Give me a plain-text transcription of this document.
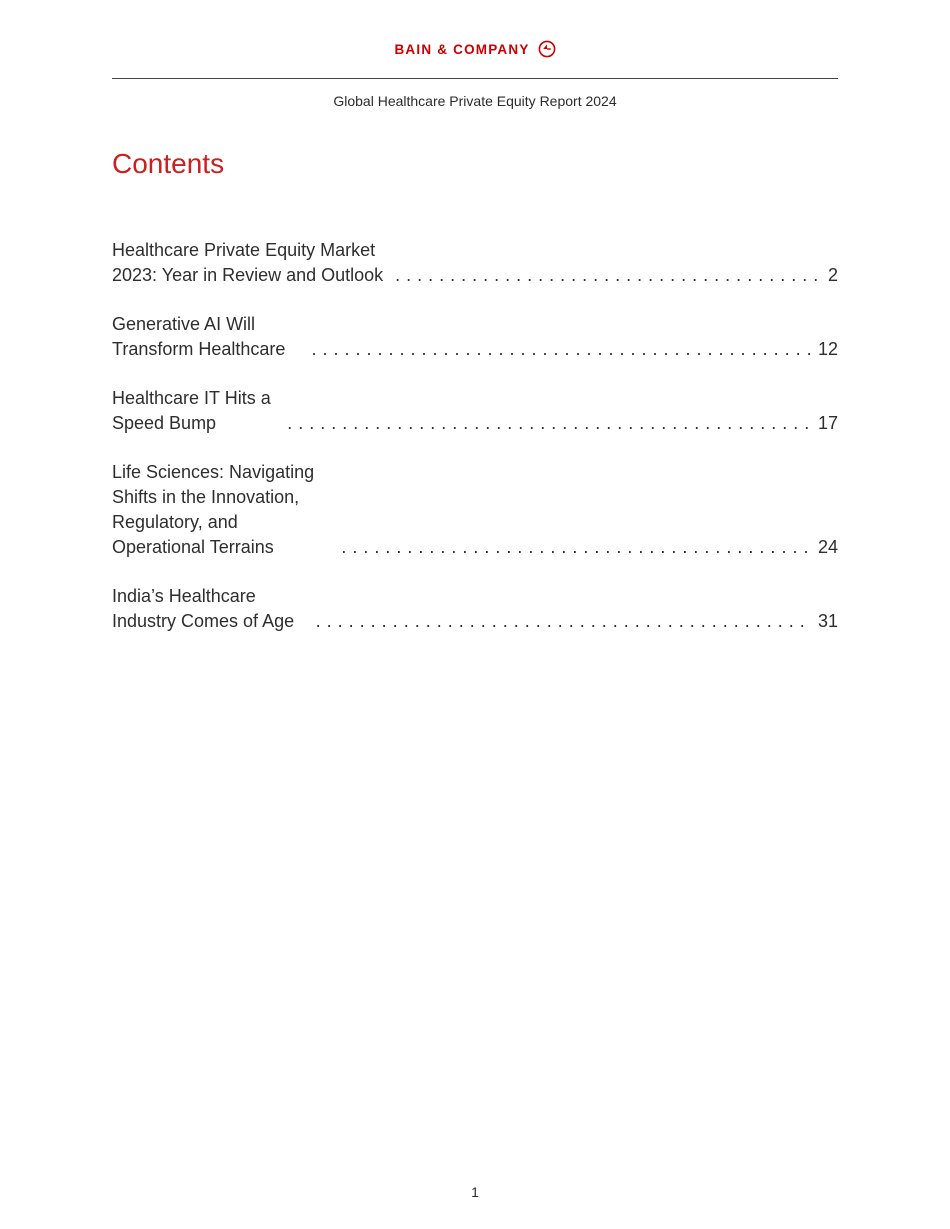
BAIN & COMPANY
Global Healthcare Private Equity Report 2024
Contents
Healthcare Private Equity Market 2023: Year in Review and Outlook . . .	2
Generative AI Will Transform Healthcare . . .	12
Healthcare IT Hits a Speed Bump . . .	17
Life Sciences: Navigating Shifts in the Innovation,
Regulatory, and Operational Terrains . . .	24
India’s Healthcare Industry Comes of Age . . .	31
1
